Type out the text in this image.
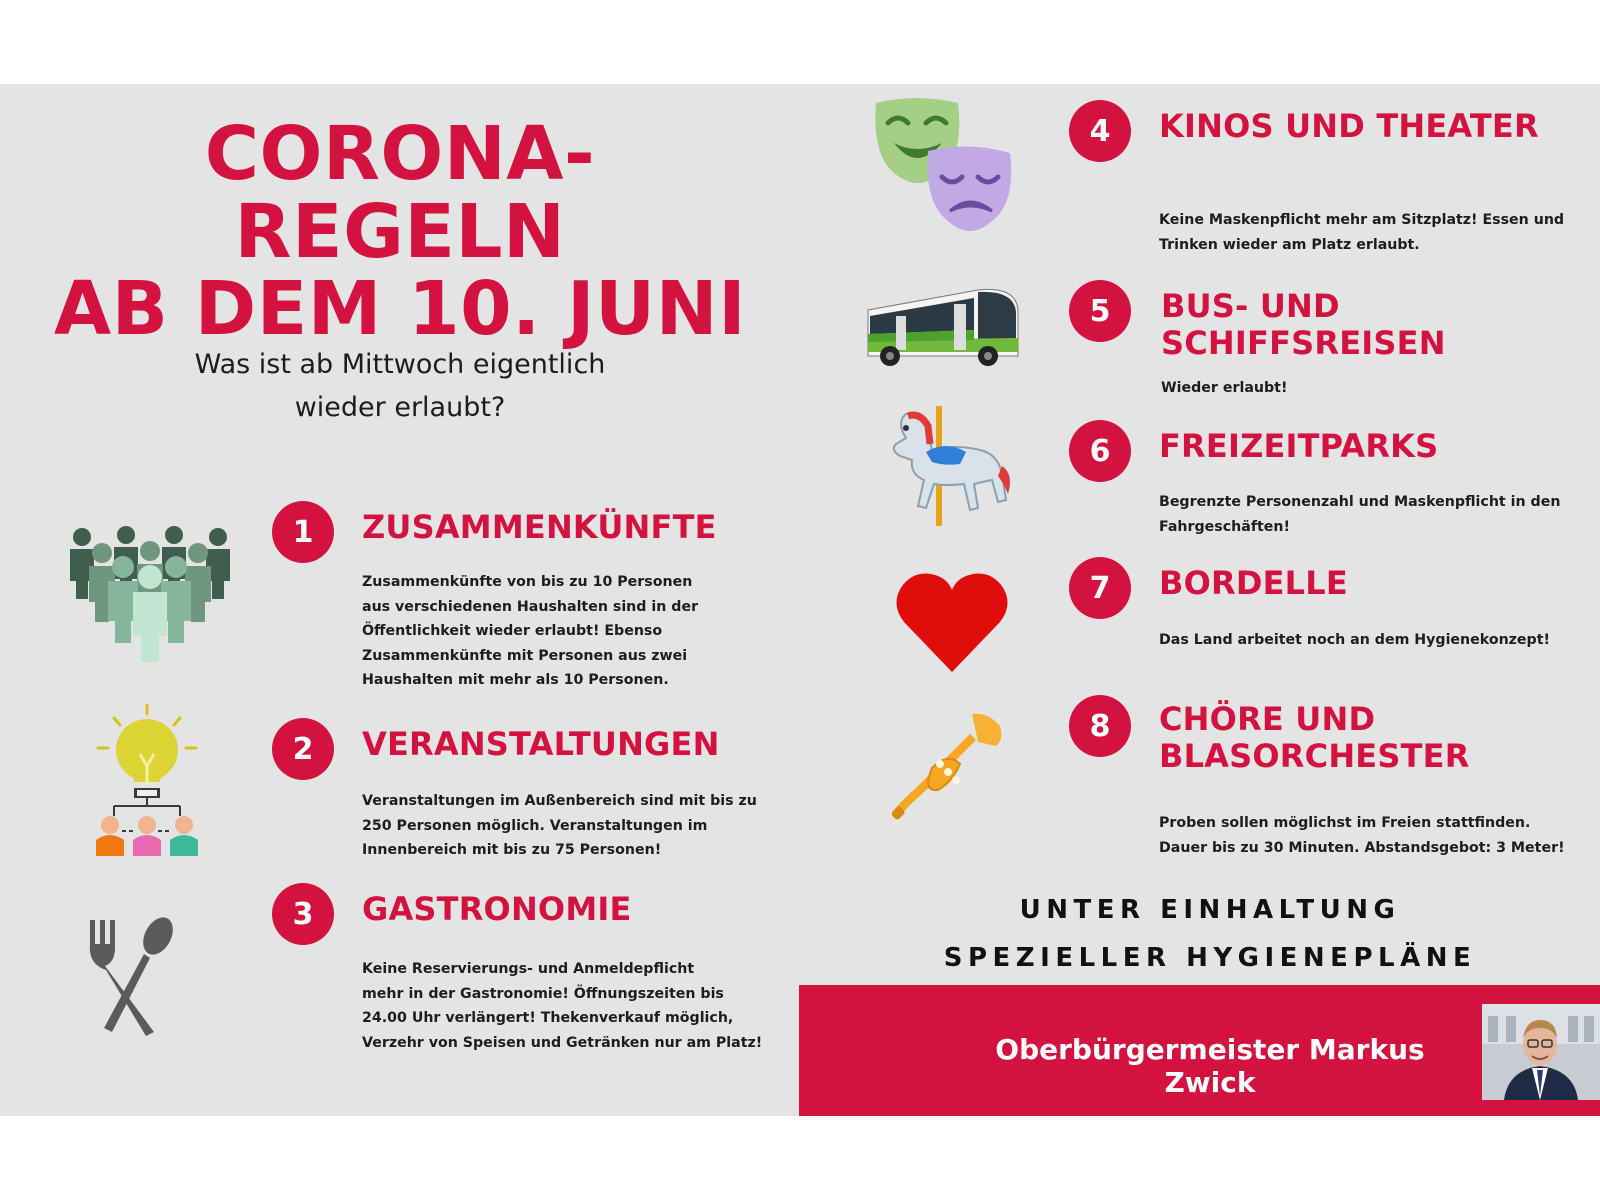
CORONA- REGELN
AB DEM 10. JUNI

Was ist ab Mittwoch eigentlich
wieder erlaubt?

1	ZUSAMMENKÜNFTE

Zusammenkünfte von bis zu 10 Personen
aus verschiedenen Haushalten sind in der
Öffentlichkeit wieder erlaubt! Ebenso
Zusammenkünfte mit Personen aus zwei
Haushalten mit mehr als 10 Personen.

2	VERANSTALTUNGEN

Veranstaltungen im Außenbereich sind mit bis zu
250 Personen möglich. Veranstaltungen im
Innenbereich mit bis zu 75 Personen!

3	GASTRONOMIE

Keine Reservierungs- und Anmeldepflicht
mehr in der Gastronomie! Öffnungszeiten bis
24.00 Uhr verlängert! Thekenverkauf möglich,
Verzehr von Speisen und Getränken nur am Platz!

4	KINOS UND THEATER

Keine Maskenpflicht mehr am Sitzplatz! Essen und
Trinken wieder am Platz erlaubt.

5	BUS- UND
SCHIFFSREISEN

Wieder erlaubt!

6	FREIZEITPARKS

Begrenzte Personenzahl und Maskenpflicht in den
Fahrgeschäften!

7	BORDELLE

Das Land arbeitet noch an dem Hygienekonzept!

8	CHÖRE UND
BLASORCHESTER

Proben sollen möglichst im Freien stattfinden.
Dauer bis zu 30 Minuten. Abstandsgebot: 3 Meter!

UNTER EINHALTUNG
SPEZIELLER HYGIENEPLÄNE

Oberbürgermeister Markus Zwick
